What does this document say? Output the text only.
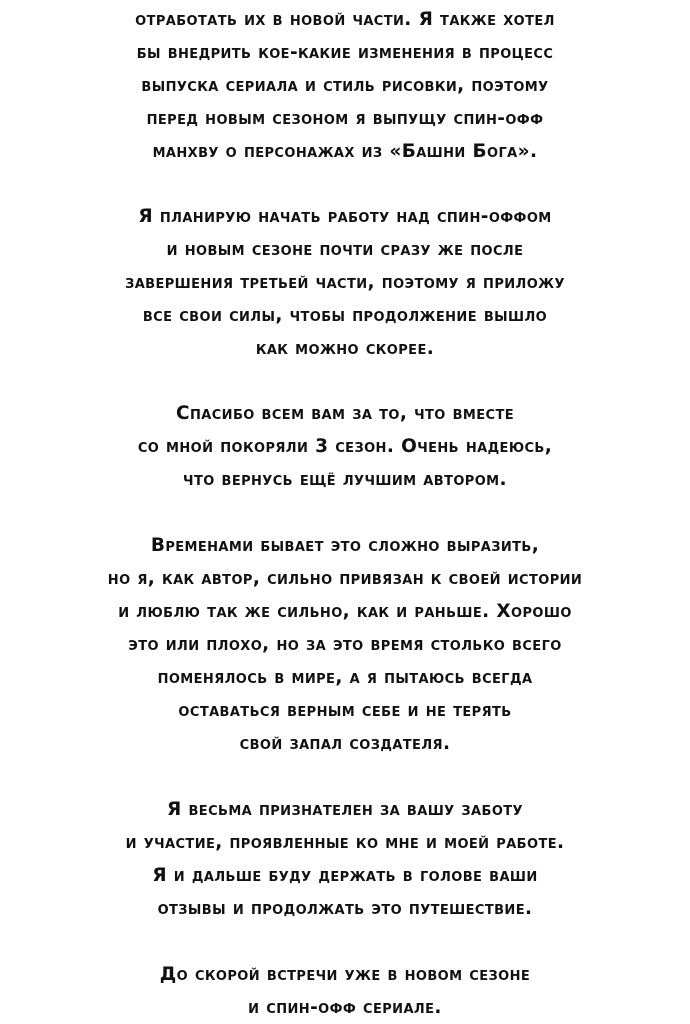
отработать их в новой части. Я также хотел
бы внедрить кое-какие изменения в процесс
выпуска сериала и стиль рисовки, поэтому
перед новым сезоном я выпущу спин-офф
манхву о персонажах из «Башни Бога».

Я планирую начать работу над спин-оффом
и новым сезоне почти сразу же после
завершения третьей части, поэтому я приложу
все свои силы, чтобы продолжение вышло
как можно скорее.

Спасибо всем вам за то, что вместе
со мной покоряли 3 сезон. Очень надеюсь,
что вернусь ещё лучшим автором.

Временами бывает это сложно выразить,
но я, как автор, сильно привязан к своей истории
и люблю так же сильно, как и раньше. Хорошо
это или плохо, но за это время столько всего
поменялось в мире, а я пытаюсь всегда
оставаться верным себе и не терять
свой запал создателя.

Я весьма признателен за вашу заботу
и участие, проявленные ко мне и моей работе.
Я и дальше буду держать в голове ваши
отзывы и продолжать это путешествие.

До скорой встречи уже в новом сезоне
и спин-офф сериале.
